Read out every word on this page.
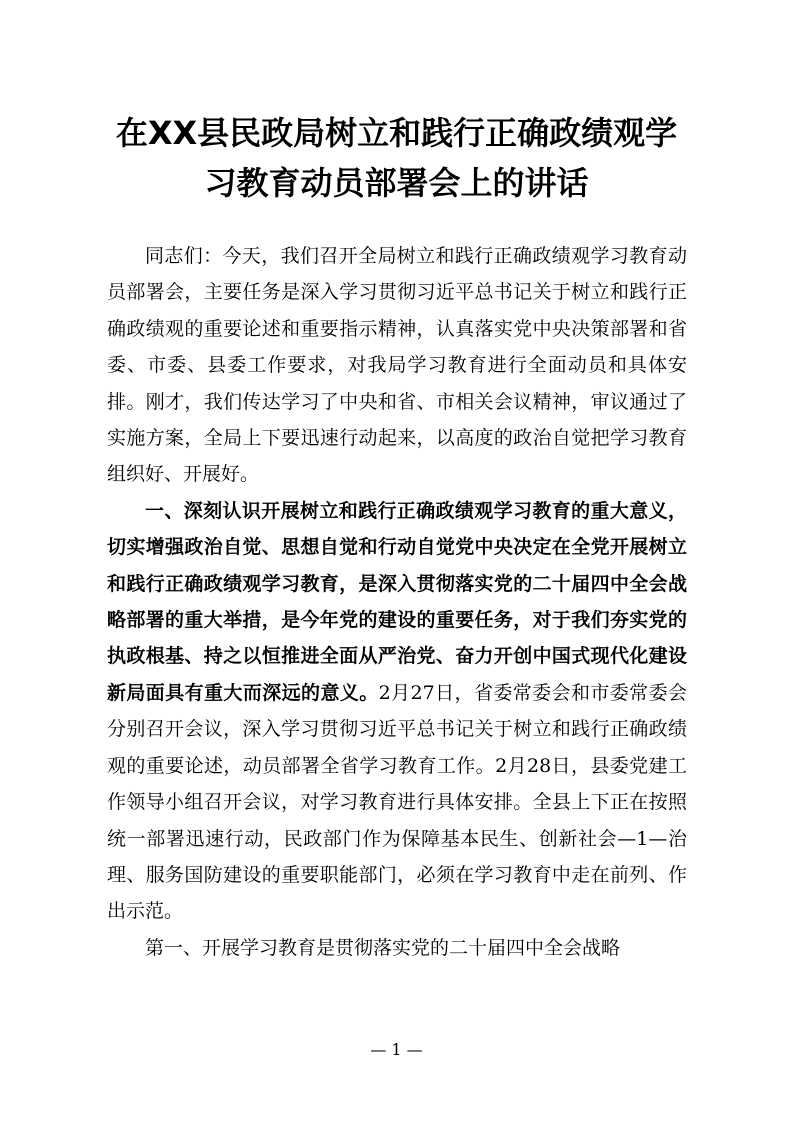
在XX县民政局树立和践行正确政绩观学
习教育动员部署会上的讲话

同志们：今天，我们召开全局树立和践行正确政绩观学习教育动员部署会，主要任务是深入学习贯彻习近平总书记关于树立和践行正确政绩观的重要论述和重要指示精神，认真落实党中央决策部署和省委、市委、县委工作要求，对我局学习教育进行全面动员和具体安排。刚才，我们传达学习了中央和省、市相关会议精神，审议通过了实施方案，全局上下要迅速行动起来，以高度的政治自觉把学习教育组织好、开展好。

一、深刻认识开展树立和践行正确政绩观学习教育的重大意义，切实增强政治自觉、思想自觉和行动自觉党中央决定在全党开展树立和践行正确政绩观学习教育，是深入贯彻落实党的二十届四中全会战略部署的重大举措，是今年党的建设的重要任务，对于我们夯实党的执政根基、持之以恒推进全面从严治党、奋力开创中国式现代化建设新局面具有重大而深远的意义。2月27日，省委常委会和市委常委会分别召开会议，深入学习贯彻习近平总书记关于树立和践行正确政绩观的重要论述，动员部署全省学习教育工作。2月28日，县委党建工作领导小组召开会议，对学习教育进行具体安排。全县上下正在按照统一部署迅速行动，民政部门作为保障基本民生、创新社会—1—治理、服务国防建设的重要职能部门，必须在学习教育中走在前列、作出示范。

第一、开展学习教育是贯彻落实党的二十届四中全会战略

— 1 —
